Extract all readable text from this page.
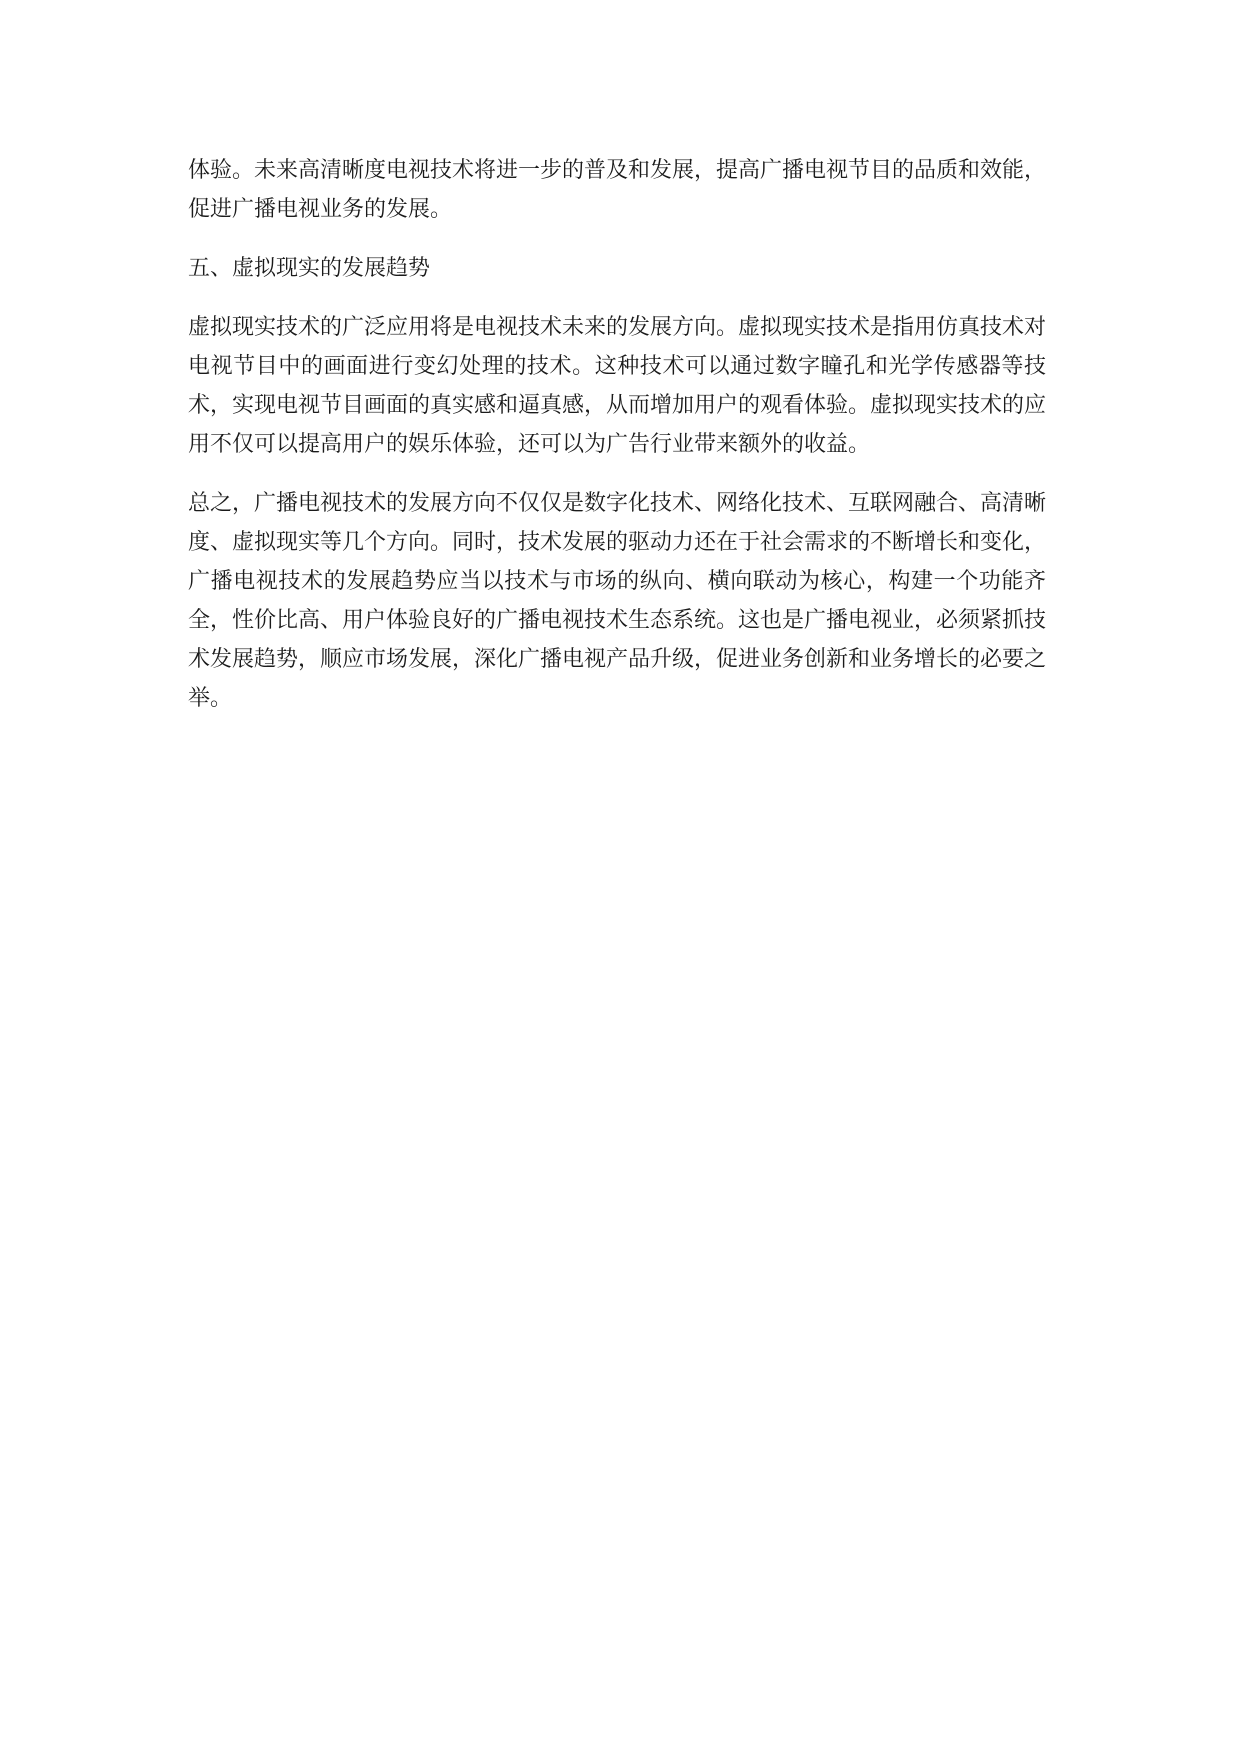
体验。未来高清晰度电视技术将进一步的普及和发展，提高广播电视节目的品质和效能，促进广播电视业务的发展。

五、虚拟现实的发展趋势

虚拟现实技术的广泛应用将是电视技术未来的发展方向。虚拟现实技术是指用仿真技术对电视节目中的画面进行变幻处理的技术。这种技术可以通过数字瞳孔和光学传感器等技术，实现电视节目画面的真实感和逼真感，从而增加用户的观看体验。虚拟现实技术的应用不仅可以提高用户的娱乐体验，还可以为广告行业带来额外的收益。

总之，广播电视技术的发展方向不仅仅是数字化技术、网络化技术、互联网融合、高清晰度、虚拟现实等几个方向。同时，技术发展的驱动力还在于社会需求的不断增长和变化，广播电视技术的发展趋势应当以技术与市场的纵向、横向联动为核心，构建一个功能齐全，性价比高、用户体验良好的广播电视技术生态系统。这也是广播电视业，必须紧抓技术发展趋势，顺应市场发展，深化广播电视产品升级，促进业务创新和业务增长的必要之举。
